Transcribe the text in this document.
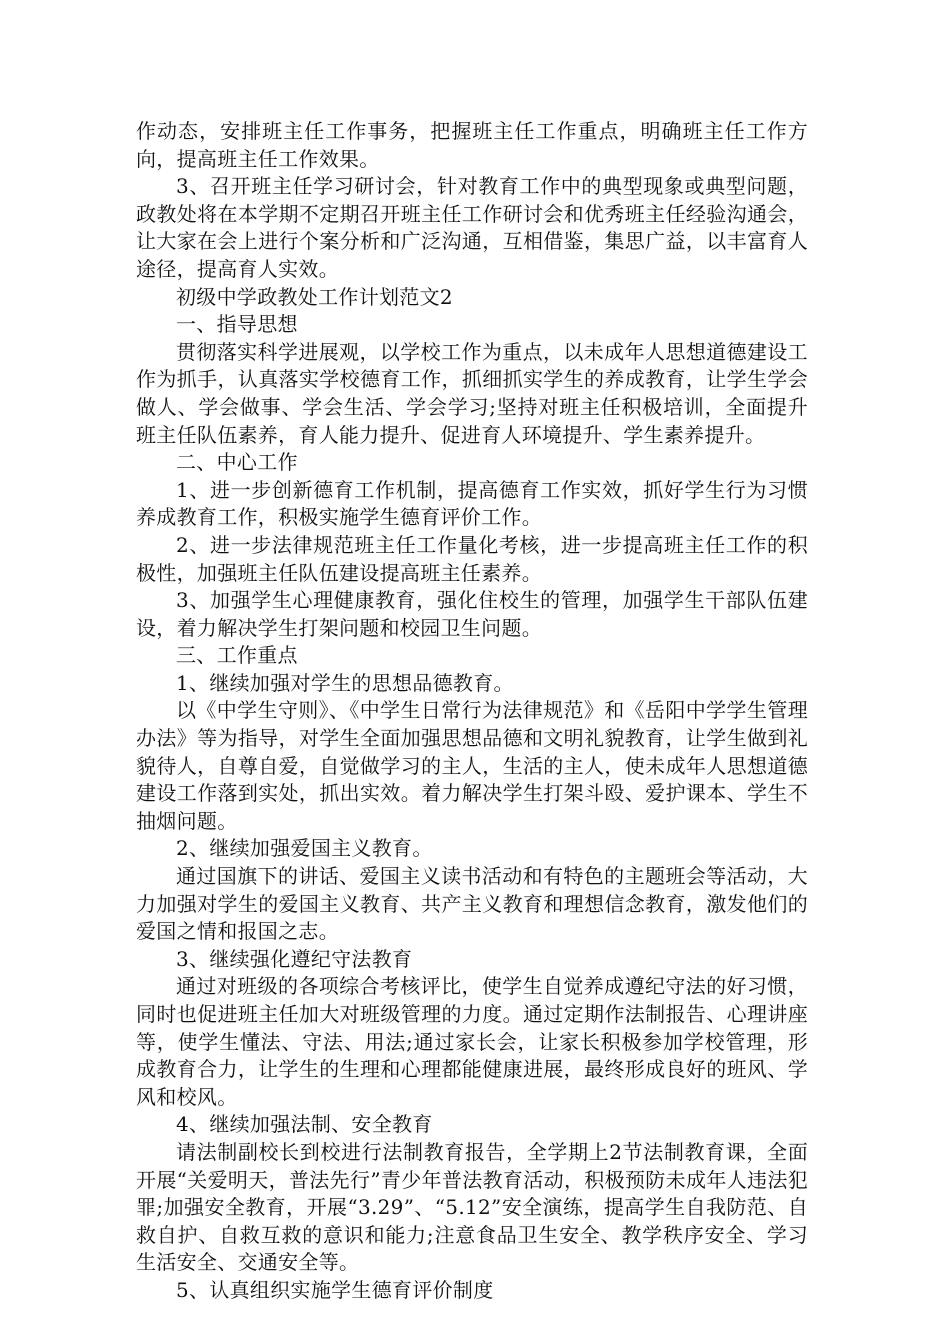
作动态，安排班主任工作事务，把握班主任工作重点，明确班主任工作方向，提高班主任工作效果。

3、召开班主任学习研讨会，针对教育工作中的典型现象或典型问题，政教处将在本学期不定期召开班主任工作研讨会和优秀班主任经验沟通会，让大家在会上进行个案分析和广泛沟通，互相借鉴，集思广益，以丰富育人途径，提高育人实效。

初级中学政教处工作计划范文2

一、指导思想

贯彻落实科学进展观，以学校工作为重点，以未成年人思想道德建设工作为抓手，认真落实学校德育工作，抓细抓实学生的养成教育，让学生学会做人、学会做事、学会生活、学会学习;坚持对班主任积极培训，全面提升班主任队伍素养，育人能力提升、促进育人环境提升、学生素养提升。

二、中心工作

1、进一步创新德育工作机制，提高德育工作实效，抓好学生行为习惯养成教育工作，积极实施学生德育评价工作。

2、进一步法律规范班主任工作量化考核，进一步提高班主任工作的积极性，加强班主任队伍建设提高班主任素养。

3、加强学生心理健康教育，强化住校生的管理，加强学生干部队伍建设，着力解决学生打架问题和校园卫生问题。

三、工作重点

1、继续加强对学生的思想品德教育。

以《中学生守则》、《中学生日常行为法律规范》和《岳阳中学学生管理办法》等为指导，对学生全面加强思想品德和文明礼貌教育，让学生做到礼貌待人，自尊自爱，自觉做学习的主人，生活的主人，使未成年人思想道德建设工作落到实处，抓出实效。着力解决学生打架斗殴、爱护课本、学生不抽烟问题。

2、继续加强爱国主义教育。

通过国旗下的讲话、爱国主义读书活动和有特色的主题班会等活动，大力加强对学生的爱国主义教育、共产主义教育和理想信念教育，激发他们的爱国之情和报国之志。

3、继续强化遵纪守法教育

通过对班级的各项综合考核评比，使学生自觉养成遵纪守法的好习惯，同时也促进班主任加大对班级管理的力度。通过定期作法制报告、心理讲座等，使学生懂法、守法、用法;通过家长会，让家长积极参加学校管理，形成教育合力，让学生的生理和心理都能健康进展，最终形成良好的班风、学风和校风。

4、继续加强法制、安全教育

请法制副校长到校进行法制教育报告，全学期上2节法制教育课，全面开展“关爱明天，普法先行”青少年普法教育活动，积极预防未成年人违法犯罪;加强安全教育，开展“3.29”、“5.12”安全演练，提高学生自我防范、自救自护、自救互救的意识和能力;注意食品卫生安全、教学秩序安全、学习生活安全、交通安全等。

5、认真组织实施学生德育评价制度
